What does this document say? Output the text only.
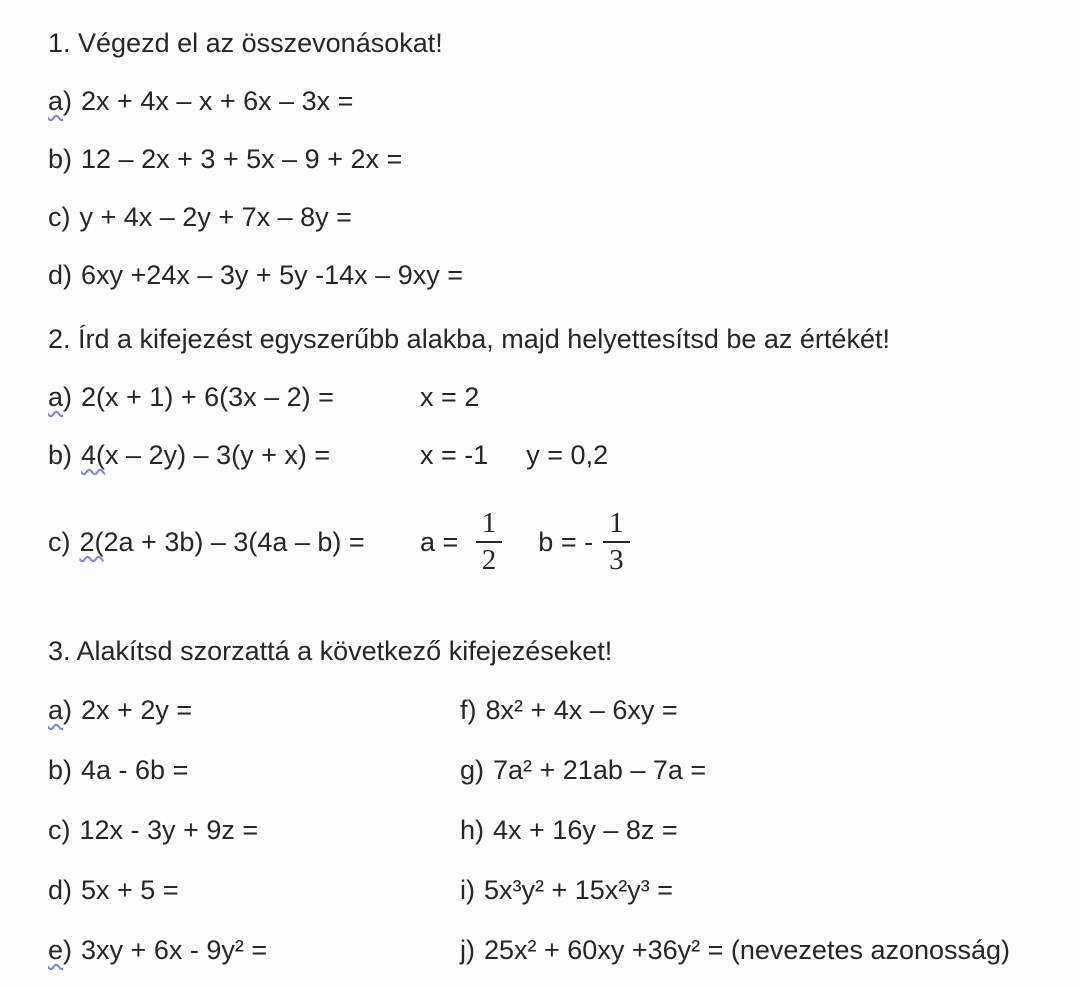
1. Végezd el az összevonásokat!
a) 2x + 4x – x + 6x – 3x =
b) 12 – 2x + 3 + 5x – 9 + 2x =
c) y + 4x – 2y + 7x – 8y =
d) 6xy +24x – 3y + 5y -14x – 9xy =
2. Írd a kifejezést egyszerűbb alakba, majd helyettesítsd be az értékét!
a) 2(x + 1) + 6(3x – 2) =	x = 2
b) 4( x – 2y) – 3(y + x) =	x = -1 y = 0,2
c) 2( $2a + 3b) - 3(4a - b) = a = \frac{1}{2}$ b = - $\frac{1}{3}$
3. Alakítsd szorzattá a következő kifejezéseket!
a) 2x + 2y =	f) 8x² + 4x – 6xy =
b) 4a - 6b =	g) 7a² + 21ab – 7a =
c) 12x - 3y + 9z =	h) 4x + 16y – 8z =
d) 5x + 5 =	i) 5x³y² + 15x²y³ =
e) 3xy + 6x - 9y² =	j) 25x² + 60xy +36y² = (nevezetes azonosság)
